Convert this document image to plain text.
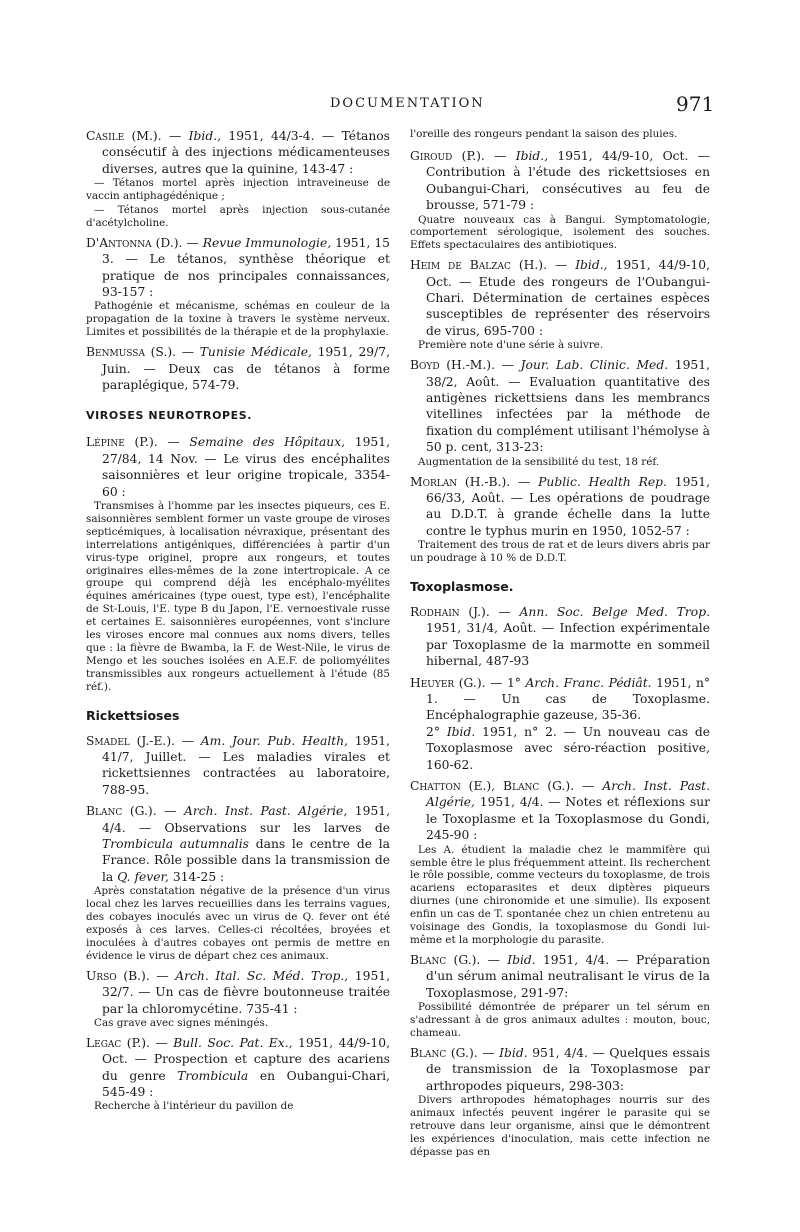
DOCUMENTATION	971

Casile (M.). — Ibid., 1951, 44/3-4. — Tétanos consécutif à des injections médicamenteuses diverses, autres que la quinine, 143-47 :

— Tétanos mortel après injection intraveineuse de vaccin antiphagédénique ;

— Tétanos mortel après injection sous-cutanée d'acétylcholine.

D'Antonna (D.). — Revue Immunologie, 1951, 15 3. — Le tétanos, synthèse théorique et pratique de nos principales connaissances, 93-157 :

Pathogénie et mécanisme, schémas en couleur de la propagation de la toxine à travers le système nerveux. Limites et possibilités de la thérapie et de la prophylaxie.

Benmussa (S.). — Tunisie Médicale, 1951, 29/7, Juin. — Deux cas de tétanos à forme paraplégique, 574-79.

VIROSES NEUROTROPES.

Lépine (P.). — Semaine des Hôpitaux, 1951, 27/84, 14 Nov. — Le virus des encéphalites saisonnières et leur origine tropicale, 3354-60 :

Transmises à l'homme par les insectes piqueurs, ces E. saisonnières semblent former un vaste groupe de viroses septicémiques, à localisation névraxique, présentant des interrelations antigéniques, différenciées à partir d'un virus-type originel, propre aux rongeurs, et toutes originaires elles-mêmes de la zone intertropicale. A ce groupe qui comprend déjà les encéphalo-myélites équines américaines (type ouest, type est), l'encéphalite de St-Louis, l'E. type B du Japon, l'E. vernoestivale russe et certaines E. saisonnières européennes, vont s'inclure les viroses encore mal connues aux noms divers, telles que : la fièvre de Bwamba, la F. de West-Nile, le virus de Mengo et les souches isolées en A.E.F. de poliomyélites transmissibles aux rongeurs actuellement à l'étude (85 réf.).

Rickettsioses

Smadel (J.-E.). — Am. Jour. Pub. Health, 1951, 41/7, Juillet. — Les maladies virales et rickettsiennes contractées au laboratoire, 788-95.

Blanc (G.). — Arch. Inst. Past. Algérie, 1951, 4/4. — Observations sur les larves de Trombicula autumnalis dans le centre de la France. Rôle possible dans la transmission de la Q. fever, 314-25 :

Après constatation négative de la présence d'un virus local chez les larves recueillies dans les terrains vagues, des cobayes inoculés avec un virus de Q. fever ont été exposés à ces larves. Celles-ci récoltées, broyées et inoculées à d'autres cobayes ont permis de mettre en évidence le virus de départ chez ces animaux.

Urso (B.). — Arch. Ital. Sc. Méd. Trop., 1951, 32/7. — Un cas de fièvre boutonneuse traitée par la chloromycétine. 735-41 :

Cas grave avec signes méningés.

Legac (P.). — Bull. Soc. Pat. Ex., 1951, 44/9-10, Oct. — Prospection et capture des acariens du genre Trombicula en Oubangui-Chari, 545-49 :

Recherche à l'intérieur du pavillon de

l'oreille des rongeurs pendant la saison des pluies.

Giroud (P.). — Ibid., 1951, 44/9-10, Oct. — Contribution à l'étude des rickettsioses en Oubangui-Chari, consécutives au feu de brousse, 571-79 :

Quatre nouveaux cas à Bangui. Symptomatologie, comportement sérologique, isolement des souches. Effets spectaculaires des antibiotiques.

Heim de Balzac (H.). — Ibid., 1951, 44/9-10, Oct. — Etude des rongeurs de l'Oubangui-Chari. Détermination de certaines espèces susceptibles de représenter des réservoirs de virus, 695-700 :

Première note d'une série à suivre.

Boyd (H.-M.). — Jour. Lab. Clinic. Med. 1951, 38/2, Août. — Evaluation quantitative des antigènes rickettsiens dans les membrancs vitellines infectées par la méthode de fixation du complément utilisant l'hémolyse à 50 p. cent, 313-23:

Augmentation de la sensibilité du test, 18 réf.

Morlan (H.-B.). — Public. Health Rep. 1951, 66/33, Août. — Les opérations de poudrage au D.D.T. à grande échelle dans la lutte contre le typhus murin en 1950, 1052-57 :

Traitement des trous de rat et de leurs divers abris par un poudrage à 10 % de D.D.T.

Toxoplasmose.

Rodhain (J.). — Ann. Soc. Belge Med. Trop. 1951, 31/4, Août. — Infection expérimentale par Toxoplasme de la marmotte en sommeil hibernal, 487-93

Heuyer (G.). — 1° Arch. Franc. Pédiât. 1951, n° 1. — Un cas de Toxoplasme. Encéphalographie gazeuse, 35-36.

2° Ibid. 1951, n° 2. — Un nouveau cas de Toxoplasmose avec séro-réaction positive, 160-62.

Chatton (E.), Blanc (G.). — Arch. Inst. Past. Algérie, 1951, 4/4. — Notes et réflexions sur le Toxoplasme et la Toxoplasmose du Gondi, 245-90 :

Les A. étudient la maladie chez le mammifère qui semble être le plus fréquemment atteint. Ils recherchent le rôle possible, comme vecteurs du toxoplasme, de trois acariens ectoparasites et deux diptères piqueurs diurnes (une chironomide et une simulie). Ils exposent enfin un cas de T. spontanée chez un chien entretenu au voisinage des Gondis, la toxoplasmose du Gondi lui-même et la morphologie du parasite.

Blanc (G.). — Ibid. 1951, 4/4. — Préparation d'un sérum animal neutralisant le virus de la Toxoplasmose, 291-97:

Possibilité démontrée de préparer un tel sérum en s'adressant à de gros animaux adultes : mouton, bouc, chameau.

Blanc (G.). — Ibid. 951, 4/4. — Quelques essais de transmission de la Toxoplasmose par arthropodes piqueurs, 298-303:

Divers arthropodes hématophages nourris sur des animaux infectés peuvent ingérer le parasite qui se retrouve dans leur organisme, ainsi que le démontrent les expériences d'inoculation, mais cette infection ne dépasse pas en
